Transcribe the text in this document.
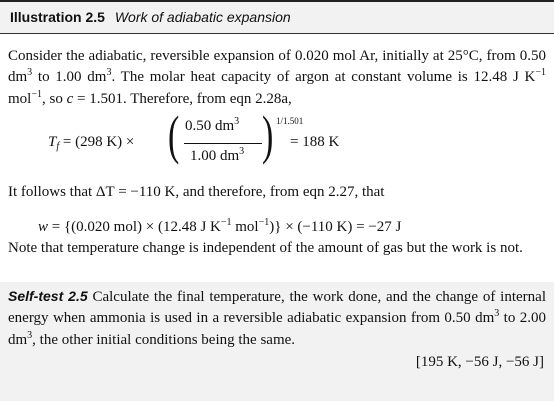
Illustration 2.5 Work of adiabatic expansion
Consider the adiabatic, reversible expansion of 0.020 mol Ar, initially at 25°C, from 0.50 $dm^3$ to 1.00 $dm^3$. The molar heat capacity of argon at constant volume is 12.48 J $K^{-1}$ mol$^{-1}$, so c = 1.501. Therefore, from eqn 2.28a,
$T_f = (298$ K) × ( 0.50 $dm^3$
1.00 $dm^3$ ) 1/1.501
= 188 K
It follows that ΔT = −110 K, and therefore, from eqn 2.27, that
w = {(0.020 mol) × (12.48 J $K^{-1}$ mol$^{-1}$)} × (−110 K) = −27 J
Note that temperature change is independent of the amount of gas but the work is not.
Self-test 2.5 Calculate the final temperature, the work done, and the change of internal energy when ammonia is used in a reversible adiabatic expansion from 0.50 $dm^3$ to 2.00 $dm^3$, the other initial conditions being the same.
[195 K, −56 J, −56 J]
